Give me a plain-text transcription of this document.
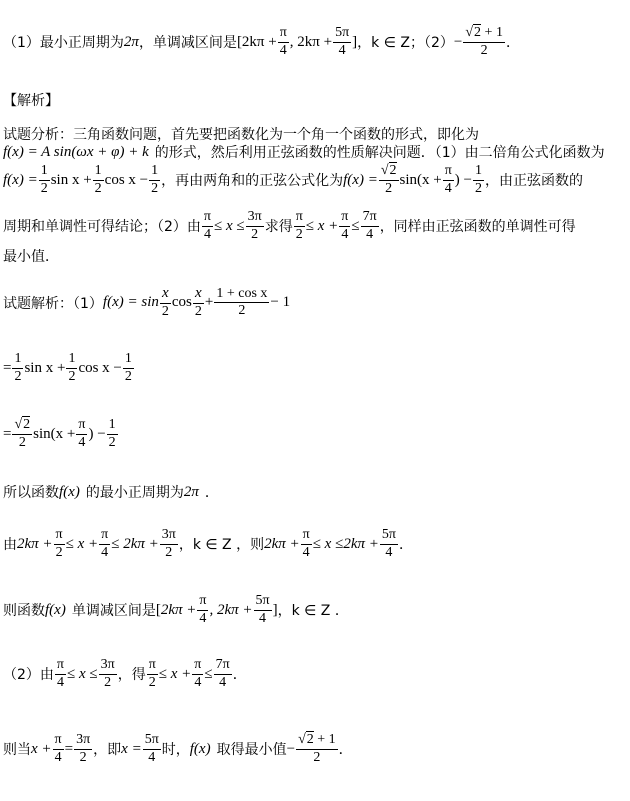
（1）最小正周期为 2π ，单调减区间是 [$2k\pi + \frac{\pi}{4}$ , $2k\pi + \frac{5\pi}{4}$ ] ，k ∈ Z ；$(2) - \frac{√2 + 1}{2}$ ．
【解析】
试题分析：三角函数问题，首先要把函数化为一个角一个函数的形式，即化为
f(x) = A sin(ωx + φ) + k 的形式，然后利用正弦函数的性质解决问题．（1）由二倍角公式化函数为
$f(x) = \frac{1}{2}$ $\sin x + \frac{1}{2}$ $\cos x - \frac{1}{2}$ ，再由两角和的正弦公式化为 $f(x) = \frac{√2}{2} \sin(x + \frac{\pi}{4}$ ) − $\frac{1}{2}$ ，由正弦函数的
周期和单调性可得结论；（2）由 $\frac{\pi}{4} \le x \le \frac{3\pi}{2}$ 求得 $\frac{\pi}{2} \le x + \frac{\pi}{4} \le \frac{7\pi}{4}$ ，同样由正弦函数的单调性可得
最小值．
试题解析：（1） $f(x) = \sin \frac{x}{2}$ $\cos \frac{x}{2} + \frac{\text{1 + cos x}}{2} - 1$
= $\frac{1}{2}$ $\sin x + \frac{1}{2}$ $\cos x - \frac{1}{2}$
= $\frac{√2}{2} \sin(x + \frac{\pi}{4}$ ) − $\frac{1}{2}$
所以函数 f(x) 的最小正周期为 2π ．
由 $2k\pi + \frac{\pi}{2} \le x + \frac{\pi}{4} \le 2k\pi + \frac{3\pi}{2}$ ，k ∈ Z ，则 $2k\pi + \frac{\pi}{4} \le x \le 2k\pi + \frac{5\pi}{4}$ ．
则函数 f(x) 单调减区间是 [ $2k\pi + \frac{\pi}{4}$ , $2k\pi + \frac{5\pi}{4}$ ] ，k ∈ Z ．
（2）由 $\frac{\pi}{4} \le x \le \frac{3\pi}{2}$ ，得 $\frac{\pi}{2} \le x + \frac{\pi}{4} \le \frac{7\pi}{4}$ ．
则当 $x + \frac{\pi}{4} = \frac{3\pi}{2}$ ，即 $x = \frac{5\pi}{4}$ 时， f(x) 取得最小值 − $\frac{√2 + 1}{2}$ ．
